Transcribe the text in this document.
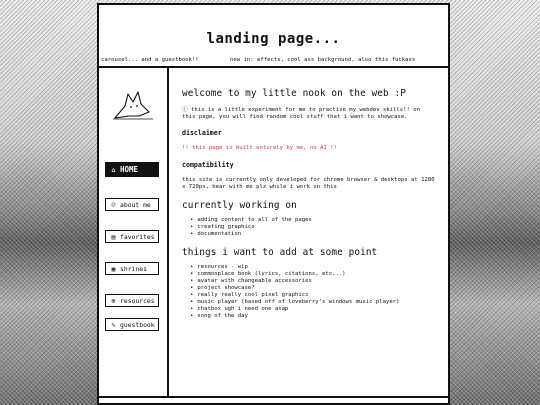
landing page...
carousel... and a guestbook!!	new in: effects, cool ass background, also this fuckass
⌂ HOME
☺ about me
▤ favorites
▣ shrines
⊕ resources
✎ guestbook
welcome to my little nook on the web :P
ⓘ this is a little experiment for me to practise my webdev skills!! on this page, you will find random cool stuff that i want to showcase.
disclaimer
!! this page is built entirely by me, no AI !!
compatibility
this site is currently only developed for chrome browser & desktops at 1280 x 720px, bear with me plz while i work on this
currently working on
• adding content to all of the pages
• creating graphics
• documentation
things i want to add at some point
• resources - wip
• commonplace book (lyrics, citations, etc...)
• avatar with changeable accessories
• project showcase?
• really really cool pixel graphics
• music player (based off of loveberry's windows music player)
• chatbox ugh i need one asap
• song of the day
